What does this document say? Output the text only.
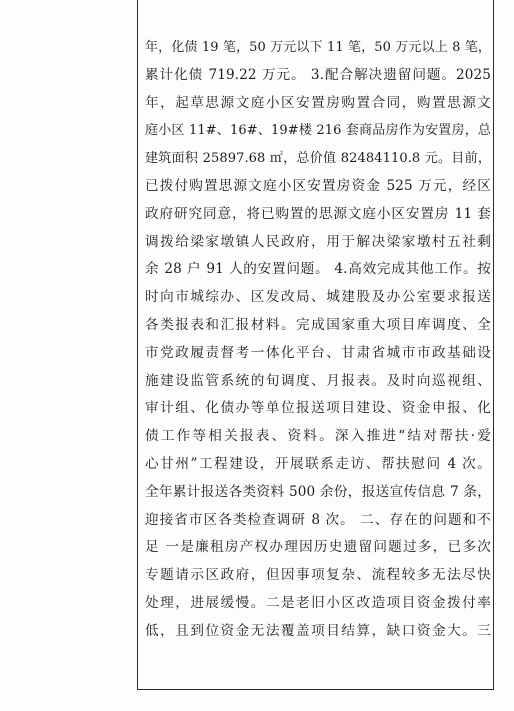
年，化债 19 笔，50 万元以下 11 笔，50 万元以上 8 笔，
累计化债 719.22 万元。 3.配合解决遗留问题。2025
年，起草思源文庭小区安置房购置合同，购置思源文
庭小区 11#、16#、19#楼 216 套商品房作为安置房，总
建筑面积 25897.68 ㎡，总价值 82484110.8 元。目前，
已拨付购置思源文庭小区安置房资金 525 万元，经区
政府研究同意，将已购置的思源文庭小区安置房 11 套
调拨给梁家墩镇人民政府，用于解决梁家墩村五社剩
余 28 户 91 人的安置问题。 4.高效完成其他工作。按
时向市城综办、区发改局、城建股及办公室要求报送
各类报表和汇报材料。完成国家重大项目库调度、全
市党政履责督考一体化平台、甘肃省城市市政基础设
施建设监管系统的旬调度、月报表。及时向巡视组、
审计组、化债办等单位报送项目建设、资金申报、化
债工作等相关报表、资料。深入推进“结对帮扶·爱
心甘州”工程建设，开展联系走访、帮扶慰问 4 次。
全年累计报送各类资料 500 余份，报送宣传信息 7 条，
迎接省市区各类检查调研 8 次。 二、存在的问题和不
足 一是廉租房产权办理因历史遗留问题过多，已多次
专题请示区政府，但因事项复杂、流程较多无法尽快
处理，进展缓慢。二是老旧小区改造项目资金拨付率
低，且到位资金无法覆盖项目结算，缺口资金大。三
